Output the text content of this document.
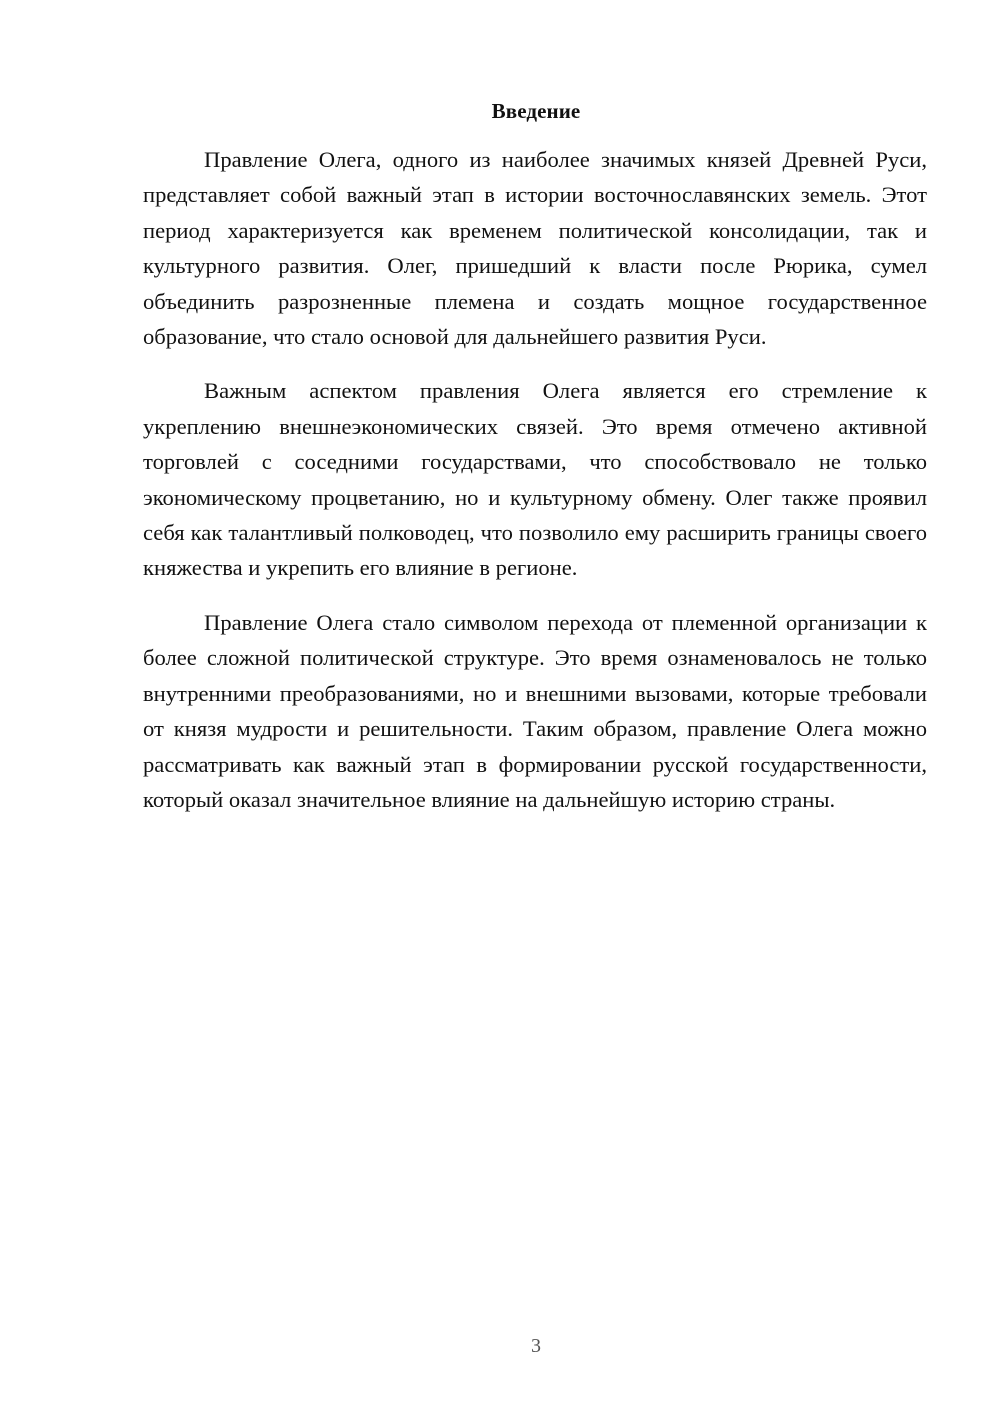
Введение

Правление Олега, одного из наиболее значимых князей Древней Руси, представляет собой важный этап в истории восточнославянских земель. Этот период характеризуется как временем политической консолидации, так и культурного развития. Олег, пришедший к власти после Рюрика, сумел объединить разрозненные племена и создать мощное государственное образование, что стало основой для дальнейшего развития Руси.

Важным аспектом правления Олега является его стремление к укреплению внешнеэкономических связей. Это время отмечено активной торговлей с соседними государствами, что способствовало не только экономическому процветанию, но и культурному обмену. Олег также проявил себя как талантливый полководец, что позволило ему расширить границы своего княжества и укрепить его влияние в регионе.

Правление Олега стало символом перехода от племенной организации к более сложной политической структуре. Это время ознаменовалось не только внутренними преобразованиями, но и внешними вызовами, которые требовали от князя мудрости и решительности. Таким образом, правление Олега можно рассматривать как важный этап в формировании русской государственности, который оказал значительное влияние на дальнейшую историю страны.

3
